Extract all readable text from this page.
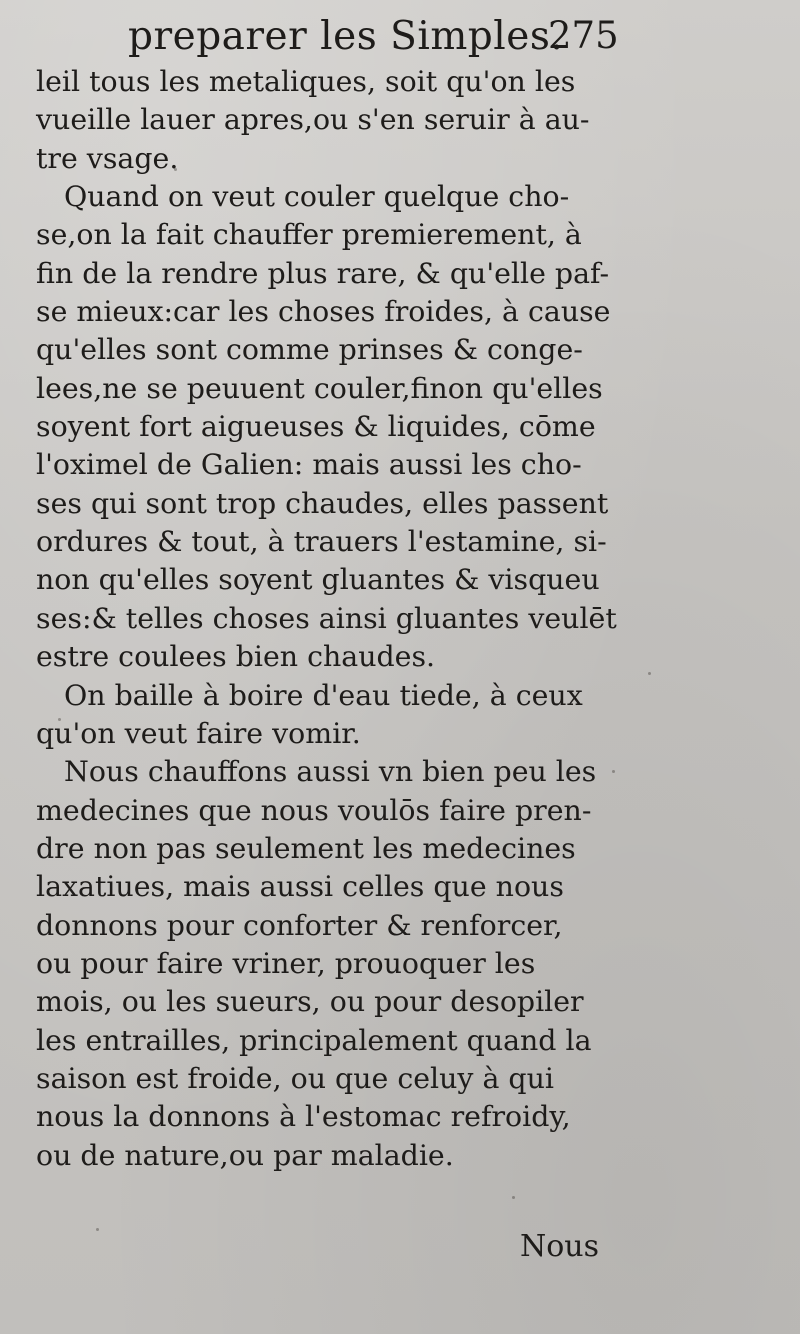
preparer les Simples.
275
leil tous les metaliques, soit qu'on les
vueille lauer apres,ou s'en seruir à au-
tre vsage.
Quand on veut couler quelque cho-
se,on la fait chauffer premierement, à
fin de la rendre plus rare, & qu'elle paf-
se mieux:car les choses froides, à cause
qu'elles sont comme prinses & conge-
lees,ne se peuuent couler,finon qu'elles
soyent fort aigueuses & liquides, cōme
l'oximel de Galien: mais aussi les cho-
ses qui sont trop chaudes, elles passent
ordures & tout, à trauers l'estamine, si-
non qu'elles soyent gluantes & visqueu
ses:& telles choses ainsi gluantes veulēt
estre coulees bien chaudes.
On baille à boire d'eau tiede, à ceux
qu'on veut faire vomir.
Nous chauffons aussi vn bien peu les
medecines que nous voulōs faire pren-
dre non pas seulement les medecines
laxatiues, mais aussi celles que nous
donnons pour conforter & renforcer,
ou pour faire vriner, prouoquer les
mois, ou les sueurs, ou pour desopiler
les entrailles, principalement quand la
saison est froide, ou que celuy à qui
nous la donnons à l'estomac refroidy,
ou de nature,ou par maladie.
Nous
